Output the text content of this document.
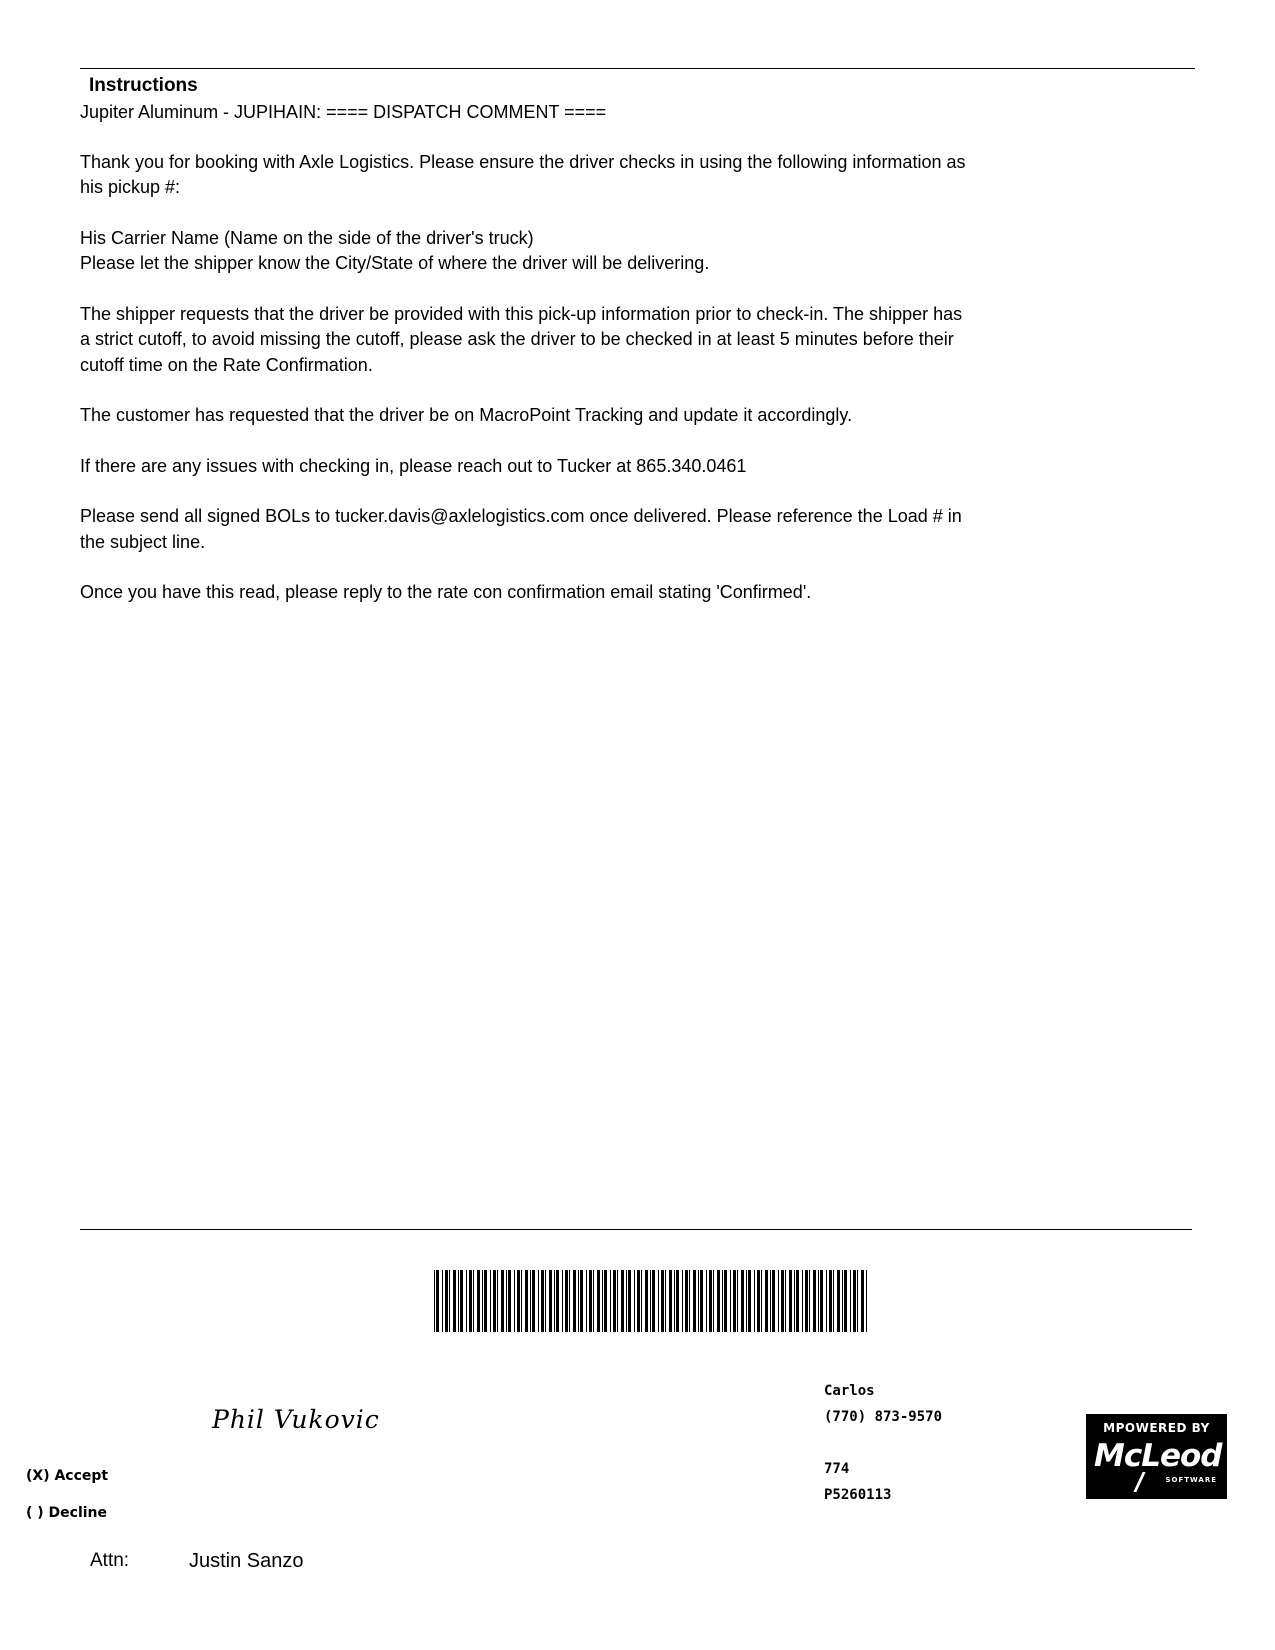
Instructions
Jupiter Aluminum - JUPIHAIN: ==== DISPATCH COMMENT ====
Thank you for booking with Axle Logistics. Please ensure the driver checks in using the following information as
his pickup #:
His Carrier Name (Name on the side of the driver's truck)
Please let the shipper know the City/State of where the driver will be delivering.
The shipper requests that the driver be provided with this pick-up information prior to check-in. The shipper has
a strict cutoff, to avoid missing the cutoff, please ask the driver to be checked in at least 5 minutes before their
cutoff time on the Rate Confirmation.
The customer has requested that the driver be on MacroPoint Tracking and update it accordingly.
If there are any issues with checking in, please reach out to Tucker at 865.340.0461
Please send all signed BOLs to tucker.davis@axlelogistics.com once delivered. Please reference the Load # in
the subject line.
Once you have this read, please reply to the rate con confirmation email stating 'Confirmed'.
Phil Vukovic
(X) Accept
( ) Decline
Attn:	Justin Sanzo
Carlos
(770) 873-9570
774
P5260113
MPOWERED BY
McLeod
SOFTWARE
